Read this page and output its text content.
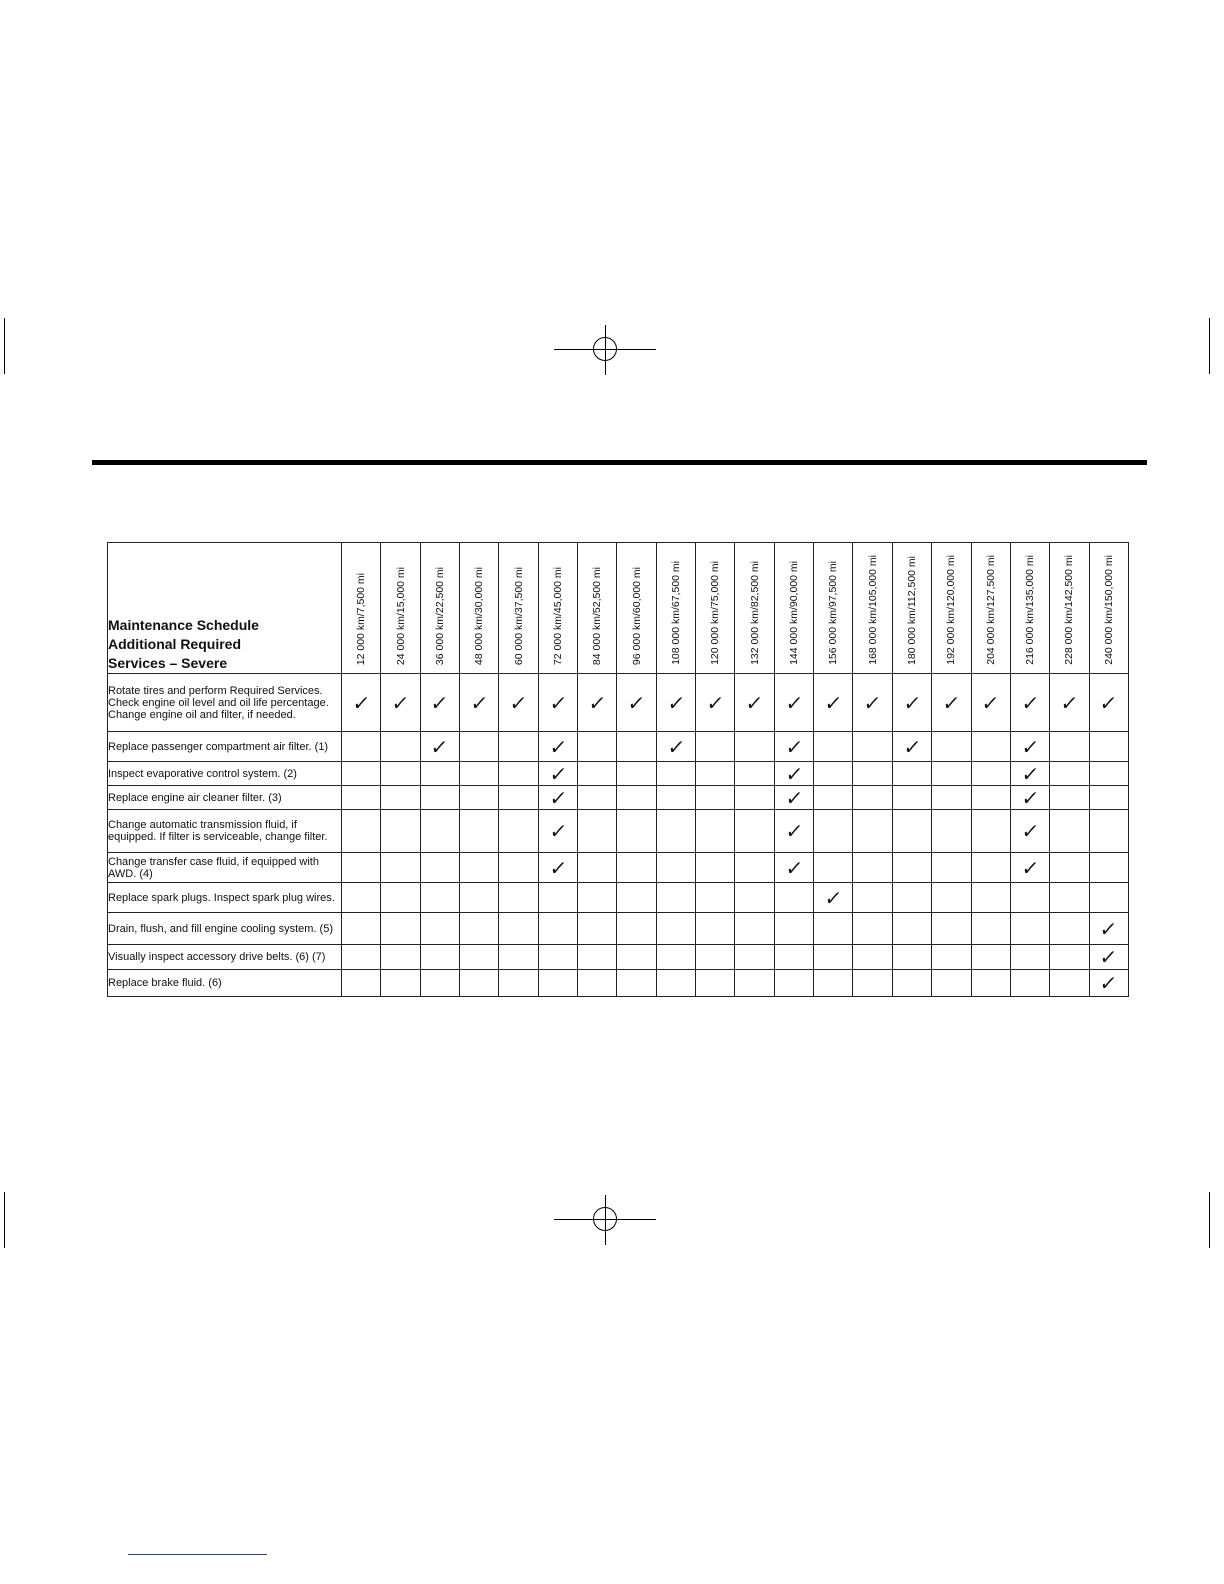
Maintenance Schedule
Additional Required
Services – Severe	12 000 km/7,500 mi	24 000 km/15,000 mi	36 000 km/22,500 mi	48 000 km/30,000 mi	60 000 km/37,500 mi	72 000 km/45,000 mi	84 000 km/52,500 mi	96 000 km/60,000 mi	108 000 km/67,500 mi	120 000 km/75,000 mi	132 000 km/82,500 mi	144 000 km/90,000 mi	156 000 km/97,500 mi	168 000 km/105,000 mi	180 000 km/112,500 mi	192 000 km/120,000 mi	204 000 km/127,500 mi	216 000 km/135,000 mi	228 000 km/142,500 mi	240 000 km/150,000 mi

Rotate tires and perform Required Services. Check engine oil level and oil life percentage. Change engine oil and filter, if needed.	✓	✓	✓	✓	✓	✓	✓	✓	✓	✓	✓	✓	✓	✓	✓	✓	✓	✓	✓	✓
Replace passenger compartment air filter. (1)			✓			✓			✓			✓			✓			✓		
Inspect evaporative control system. (2)						✓						✓						✓		
Replace engine air cleaner filter. (3)						✓						✓						✓		
Change automatic transmission fluid, if equipped. If filter is serviceable, change filter.						✓						✓						✓		
Change transfer case fluid, if equipped with AWD. (4)						✓						✓						✓		
Replace spark plugs. Inspect spark plug wires.													✓							
Drain, flush, and fill engine cooling system. (5)																				✓
Visually inspect accessory drive belts. (6) (7)																				✓
Replace brake fluid. (6)																				✓
